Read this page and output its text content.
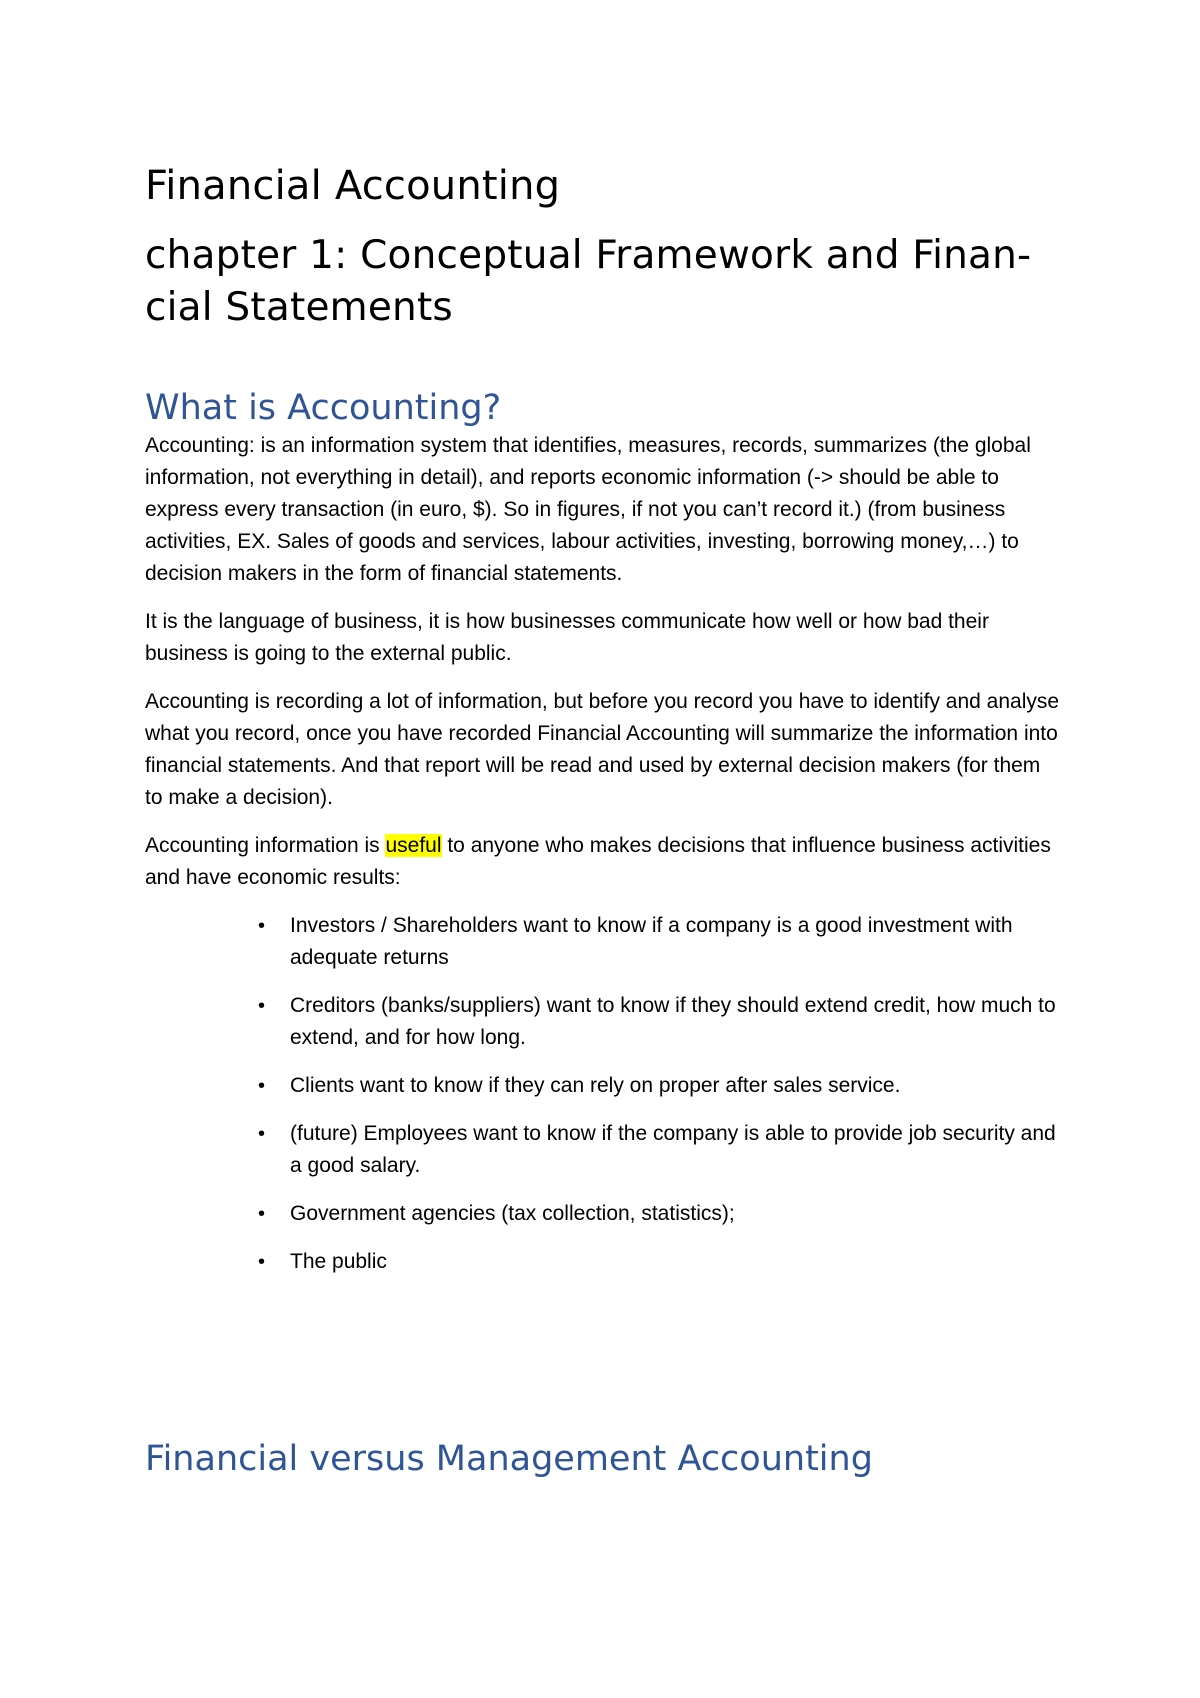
Financial Accounting
chapter 1: Conceptual Framework and Finan-
cial Statements
What is Accounting?

Accounting: is an information system that identifies, measures, records, summarizes (the global information, not everything in detail), and reports economic information (-> should be able to express every transaction (in euro, $). So in figures, if not you can’t record it.) (from business activities, EX. Sales of goods and services, labour activities, investing, borrowing money,…) to decision makers in the form of financial statements.

It is the language of business, it is how businesses communicate how well or how bad their business is going to the external public.

Accounting is recording a lot of information, but before you record you have to identify and analyse what you record, once you have recorded Financial Accounting will summarize the information into financial statements. And that report will be read and used by external decision makers (for them to make a decision).

Accounting information is useful to anyone who makes decisions that influence business activities and have economic results:

• Investors / Shareholders want to know if a company is a good investment with adequate returns
• Creditors (banks/suppliers) want to know if they should extend credit, how much to extend, and for how long.
• Clients want to know if they can rely on proper after sales service.
• (future) Employees want to know if the company is able to provide job security and a good salary.
• Government agencies (tax collection, statistics);
• The public
Financial versus Management Accounting
